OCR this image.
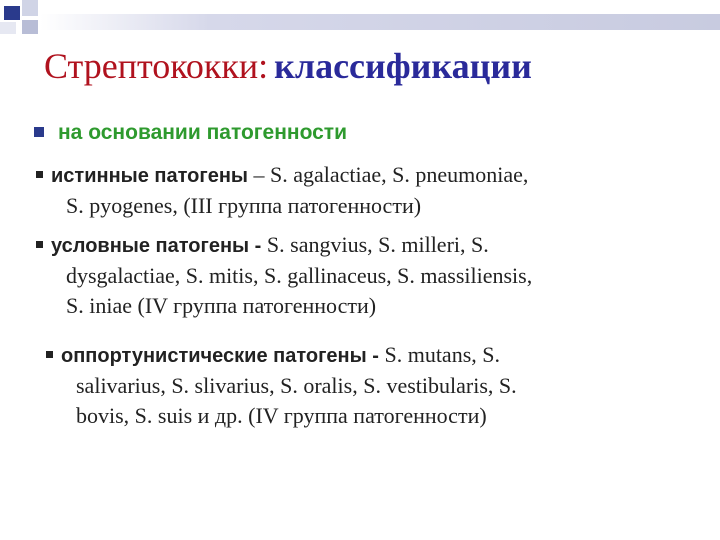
Стрептококки: классификации
на основании патогенности
истинные патогены – S. agalactiae, S. pneumoniae,
S. pyogenes, (III группа патогенности)
условные патогены - S. sangvius, S. milleri, S.
dysgalactiae, S. mitis, S. gallinaceus, S. massiliensis,
S. iniae (IV группа патогенности)
оппортунистические патогены - S. mutans, S.
salivarius, S. slivarius, S. oralis, S. vestibularis, S.
bovis, S. suis и др. (IV группа патогенности)
